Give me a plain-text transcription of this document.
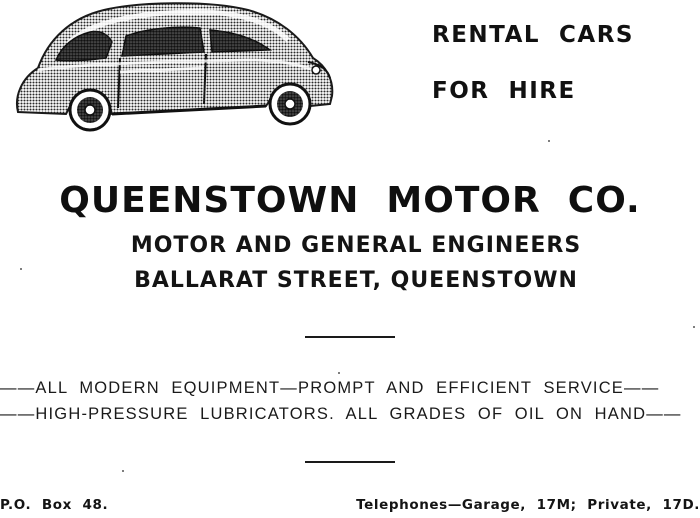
RENTAL  CARS
FOR  HIRE
QUEENSTOWN  MOTOR  CO.
MOTOR AND GENERAL ENGINEERS
BALLARAT STREET, QUEENSTOWN
——ALL  MODERN  EQUIPMENT—PROMPT  AND  EFFICIENT  SERVICE——
——HIGH-PRESSURE  LUBRICATORS.  ALL  GRADES  OF  OIL  ON  HAND——
P.O.  Box  48.	Telephones—Garage,  17M;  Private,  17D.
